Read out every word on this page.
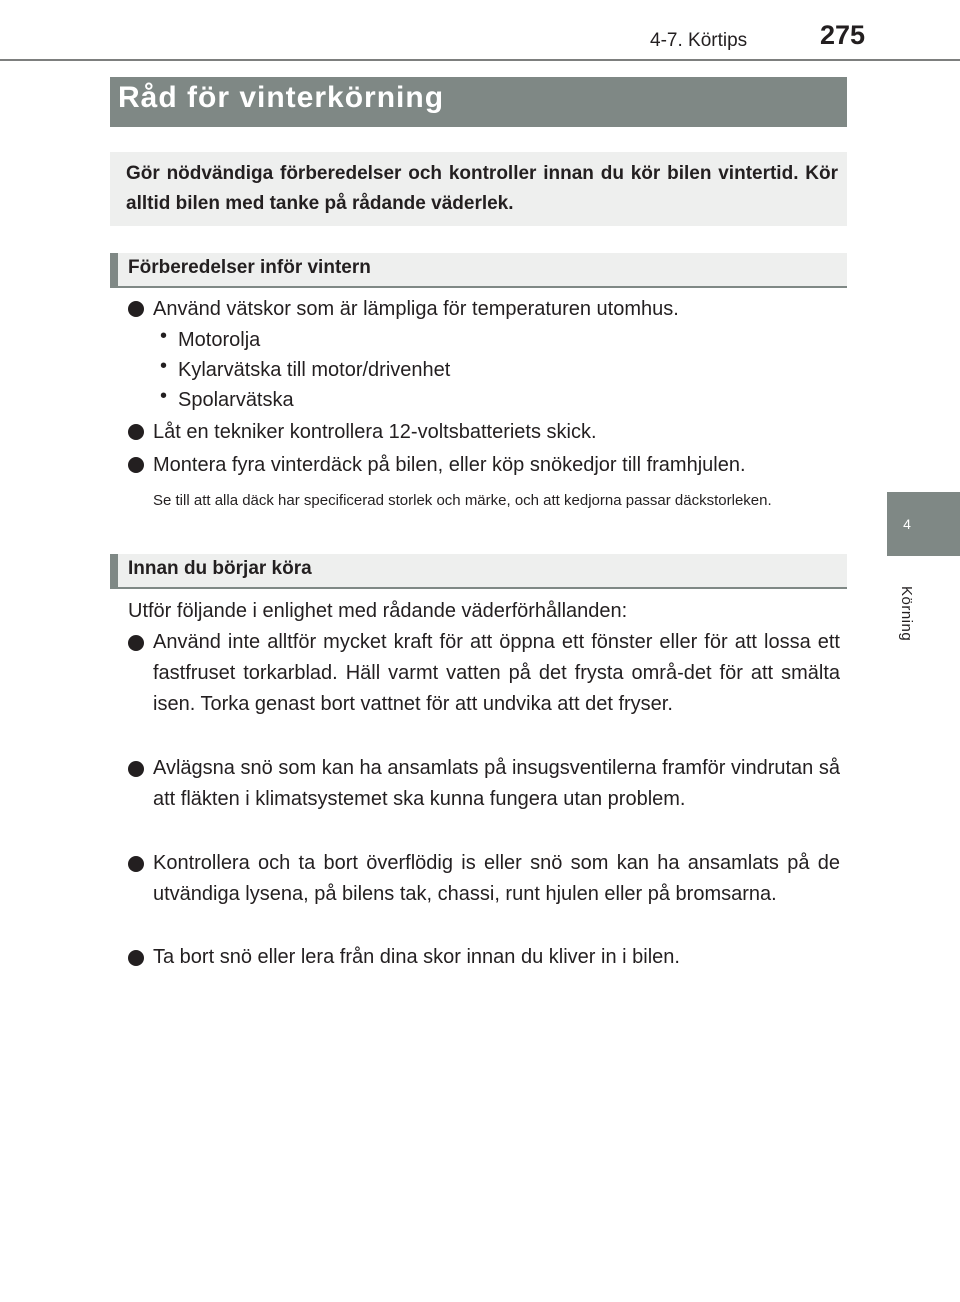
4-7. Körtips	275
4
Körning
Råd för vinterkörning

Gör nödvändiga förberedelser och kontroller innan du kör bilen vintertid. Kör alltid bilen med tanke på rådande väderlek.

Förberedelser inför vintern
Använd vätskor som är lämpliga för temperaturen utomhus.
• Motorolja
• Kylarvätska till motor/drivenhet
• Spolarvätska
Låt en tekniker kontrollera 12-voltsbatteriets skick.
Montera fyra vinterdäck på bilen, eller köp snökedjor till framhjulen.

Se till att alla däck har specificerad storlek och märke, och att kedjorna passar däckstorleken.

Innan du börjar köra
Utför följande i enlighet med rådande väderförhållanden:

Använd inte alltför mycket kraft för att öppna ett fönster eller för att lossa ett fastfruset torkarblad. Häll varmt vatten på det frysta områ-det för att smälta isen. Torka genast bort vattnet för att undvika att det fryser.

Avlägsna snö som kan ha ansamlats på insugsventilerna framför vindrutan så att fläkten i klimatsystemet ska kunna fungera utan problem.

Kontrollera och ta bort överflödig is eller snö som kan ha ansamlats på de utvändiga lysena, på bilens tak, chassi, runt hjulen eller på bromsarna.

Ta bort snö eller lera från dina skor innan du kliver in i bilen.
